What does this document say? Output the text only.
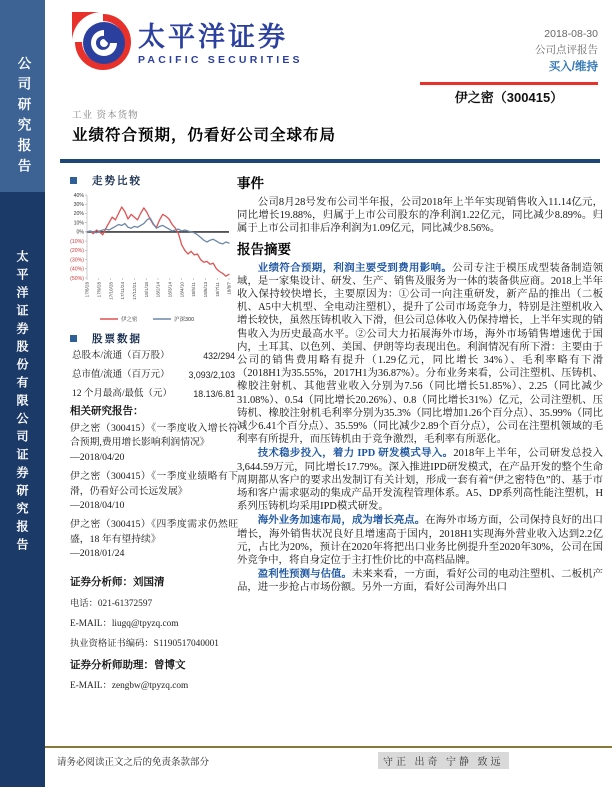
公司研究报告
太平洋证券股份有限公司证券研究报告
太平洋证券
PACIFIC SECURITIES
2018-08-30
公司点评报告
买入/维持
伊之密（300415）
工业 资本货物
业绩符合预期，仍看好公司全球布局
走势比较
40%
30%
20%
10%
0%
(10%)
(20%)
(30%)
(40%)
(50%)
17/8/28 17/9/28 17/10/28 17/11/24 17/12/21 18/1/18 18/2/14 18/3/14 18/4/10 18/5/11 18/6/13 18/7/11 18/8/7
伊之密	沪深300
股票数据
总股本/流通（百万股）	432/294
总市值/流通（百万元） 3,093/2,103
12 个月最高/最低（元） 18.13/6.81
相关研究报告：
伊之密（300415）《一季度收入增长符合预期,费用增长影响利润情况》
—2018/04/20
伊之密（300415）《一季度业绩略有下滑，仍看好公司长远发展》
—2018/04/10
伊之密（300415）《四季度需求仍然旺盛，18 年有望持续》
—2018/01/24
证券分析师：刘国清
电话：021-61372597
E-MAIL：liugq@tpyzq.com
执业资格证书编码：S1190517040001
证券分析师助理：曾博文
E-MAIL：zengbw@tpyzq.com
事件

公司8月28号发布公司半年报，公司2018年上半年实现销售收入11.14亿元，同比增长19.88%，归属于上市公司股东的净利润1.22亿元，同比减少8.89%。归属于上市公司扣非后净利润为1.09亿元，同比减少8.56%。

报告摘要

业绩符合预期，利润主要受到费用影响。公司专注于模压成型装备制造领域，是一家集设计、研发、生产、销售及服务为一体的装备供应商。2018上半年收入保持较快增长，主要原因为：①公司一向注重研发，新产品的推出（二板机、A5中大机型、全电动注塑机），提升了公司市场竞争力，特别是注塑机收入增长较快，虽然压铸机收入下滑，但公司总体收入仍保持增长，上半年实现的销售收入为历史最高水平。②公司大力拓展海外市场，海外市场销售增速优于国内，土耳其、以色列、美国、伊朗等均表现出色。利润情况有所下滑：主要由于公司的销售费用略有提升（1.29亿元，同比增长 34%）、毛利率略有下滑（2018H1为35.55%，2017H1为36.87%）。分布业务来看，公司注塑机、压铸机、橡胶注射机、其他营业收入分别为7.56（同比增长51.85%）、2.25（同比减少31.08%）、0.54（同比增长20.26%）、0.8（同比增长31%）亿元，公司注塑机、压铸机、橡胶注射机毛利率分别为35.3%（同比增加1.26个百分点）、35.99%（同比减少6.41个百分点）、35.59%（同比减少2.89个百分点），公司在注塑机领域的毛利率有所提升，而压铸机由于竞争激烈，毛利率有所恶化。

技术稳步投入，着力 IPD 研发模式导入。2018年上半年，公司研发总投入3,644.59万元，同比增长17.79%。深入推进IPD研发模式，在产品开发的整个生命周期都从客户的要求出发制订有关计划，形成一套有着“伊之密特色”的、基于市场和客户需求驱动的集成产品开发流程管理体系。A5、DP系列高性能注塑机，H系列压铸机均采用IPD模式研发。

海外业务加速布局，成为增长亮点。在海外市场方面，公司保持良好的出口增长，海外销售状况良好且增速高于国内，2018H1实现海外营业收入达到2.2亿元，占比为20%，预计在2020年将把出口业务比例提升至2020年30%，公司在国外竞争中，将自身定位于主打性价比的中高档品牌。

盈利性预测与估值。未来来看，一方面，看好公司的电动注塑机、二板机产品，进一步抢占市场份额。另外一方面，看好公司海外出口

请务必阅读正文之后的免责条款部分	守正 出奇 宁静 致远
